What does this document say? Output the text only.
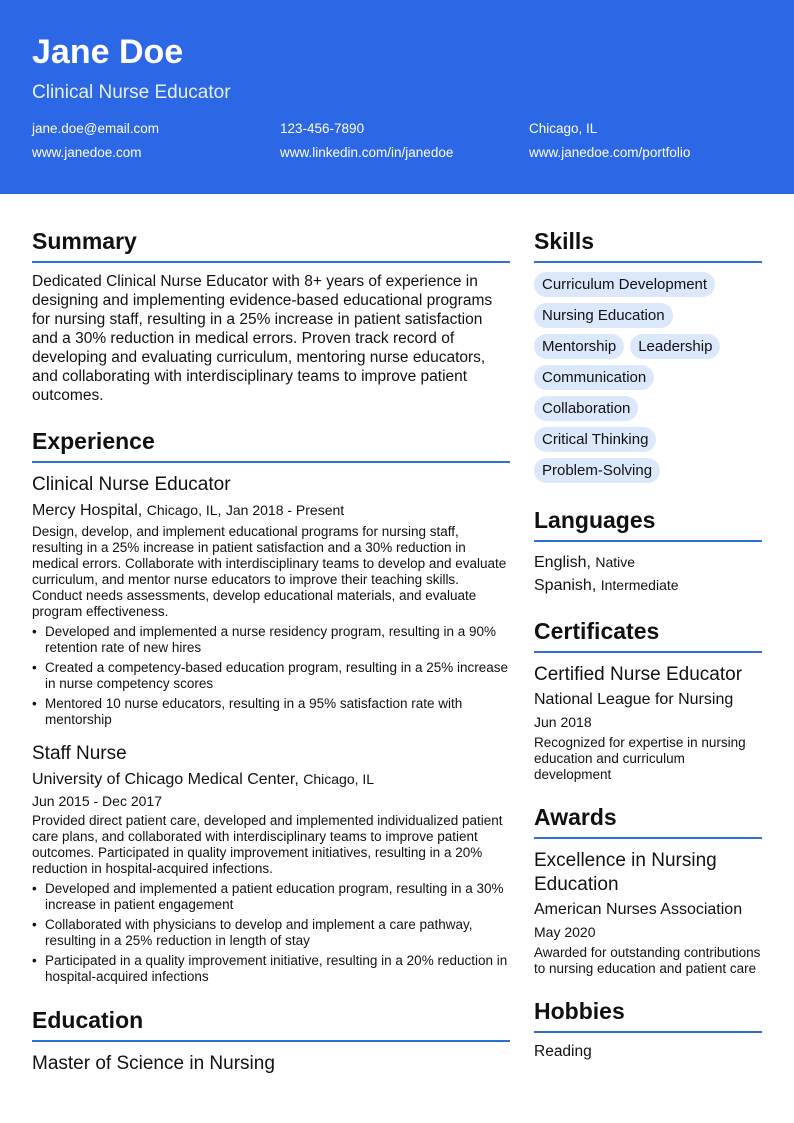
Jane Doe
Clinical Nurse Educator
jane.doe@email.com	123-456-7890	Chicago, IL
www.janedoe.com	www.linkedin.com/in/janedoe	www.janedoe.com/portfolio
Summary

Dedicated Clinical Nurse Educator with 8+ years of experience in designing and implementing evidence-based educational programs for nursing staff, resulting in a 25% increase in patient satisfaction and a 30% reduction in medical errors. Proven track record of developing and evaluating curriculum, mentoring nurse educators, and collaborating with interdisciplinary teams to improve patient outcomes.

Experience
Clinical Nurse Educator
Mercy Hospital, Chicago, IL, Jan 2018 - Present

Design, develop, and implement educational programs for nursing staff, resulting in a 25% increase in patient satisfaction and a 30% reduction in medical errors. Collaborate with interdisciplinary teams to develop and evaluate curriculum, and mentor nurse educators to improve their teaching skills. Conduct needs assessments, develop educational materials, and evaluate program effectiveness.

• Developed and implemented a nurse residency program, resulting in a 90% retention rate of new hires
• Created a competency-based education program, resulting in a 25% increase in nurse competency scores
• Mentored 10 nurse educators, resulting in a 95% satisfaction rate with mentorship
Staff Nurse
University of Chicago Medical Center, Chicago, IL
Jun 2015 - Dec 2017

Provided direct patient care, developed and implemented individualized patient care plans, and collaborated with interdisciplinary teams to improve patient outcomes. Participated in quality improvement initiatives, resulting in a 20% reduction in hospital-acquired infections.

• Developed and implemented a patient education program, resulting in a 30% increase in patient engagement
• Collaborated with physicians to develop and implement a care pathway, resulting in a 25% reduction in length of stay
• Participated in a quality improvement initiative, resulting in a 20% reduction in hospital-acquired infections
Education
Master of Science in Nursing
Skills
Curriculum Development
Nursing Education
Mentorship	Leadership
Communication
Collaboration
Critical Thinking
Problem-Solving
Languages
English, Native
Spanish, Intermediate
Certificates
Certified Nurse Educator
National League for Nursing
Jun 2018
Recognized for expertise in nursing education and curriculum development
Awards
Excellence in Nursing Education
American Nurses Association
May 2020
Awarded for outstanding contributions to nursing education and patient care
Hobbies
Reading
